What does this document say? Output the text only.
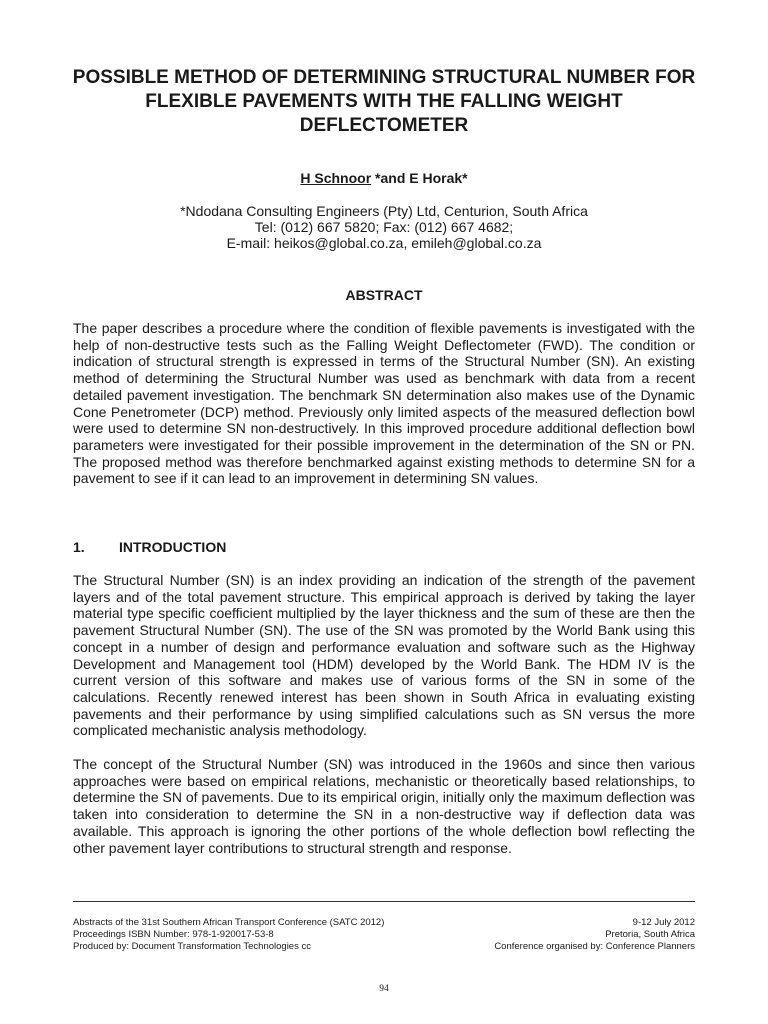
POSSIBLE METHOD OF DETERMINING STRUCTURAL NUMBER FOR FLEXIBLE PAVEMENTS WITH THE FALLING WEIGHT DEFLECTOMETER
H Schnoor *and E Horak*
*Ndodana Consulting Engineers (Pty) Ltd, Centurion, South Africa
Tel: (012) 667 5820; Fax: (012) 667 4682;
E-mail: heikos@global.co.za, emileh@global.co.za
ABSTRACT

The paper describes a procedure where the condition of flexible pavements is investigated with the help of non-destructive tests such as the Falling Weight Deflectometer (FWD). The condition or indication of structural strength is expressed in terms of the Structural Number (SN). An existing method of determining the Structural Number was used as benchmark with data from a recent detailed pavement investigation. The benchmark SN determination also makes use of the Dynamic Cone Penetrometer (DCP) method. Previously only limited aspects of the measured deflection bowl were used to determine SN non-destructively. In this improved procedure additional deflection bowl parameters were investigated for their possible improvement in the determination of the SN or PN. The proposed method was therefore benchmarked against existing methods to determine SN for a pavement to see if it can lead to an improvement in determining SN values.

1. INTRODUCTION

The Structural Number (SN) is an index providing an indication of the strength of the pavement layers and of the total pavement structure. This empirical approach is derived by taking the layer material type specific coefficient multiplied by the layer thickness and the sum of these are then the pavement Structural Number (SN). The use of the SN was promoted by the World Bank using this concept in a number of design and performance evaluation and software such as the Highway Development and Management tool (HDM) developed by the World Bank. The HDM IV is the current version of this software and makes use of various forms of the SN in some of the calculations. Recently renewed interest has been shown in South Africa in evaluating existing pavements and their performance by using simplified calculations such as SN versus the more complicated mechanistic analysis methodology.

The concept of the Structural Number (SN) was introduced in the 1960s and since then various approaches were based on empirical relations, mechanistic or theoretically based relationships, to determine the SN of pavements. Due to its empirical origin, initially only the maximum deflection was taken into consideration to determine the SN in a non-destructive way if deflection data was available. This approach is ignoring the other portions of the whole deflection bowl reflecting the other pavement layer contributions to structural strength and response.

Abstracts of the 31st Southern African Transport Conference (SATC 2012)
Proceedings ISBN Number: 978-1-920017-53-8
Produced by: Document Transformation Technologies cc
9-12 July 2012
Pretoria, South Africa
Conference organised by: Conference Planners
94
